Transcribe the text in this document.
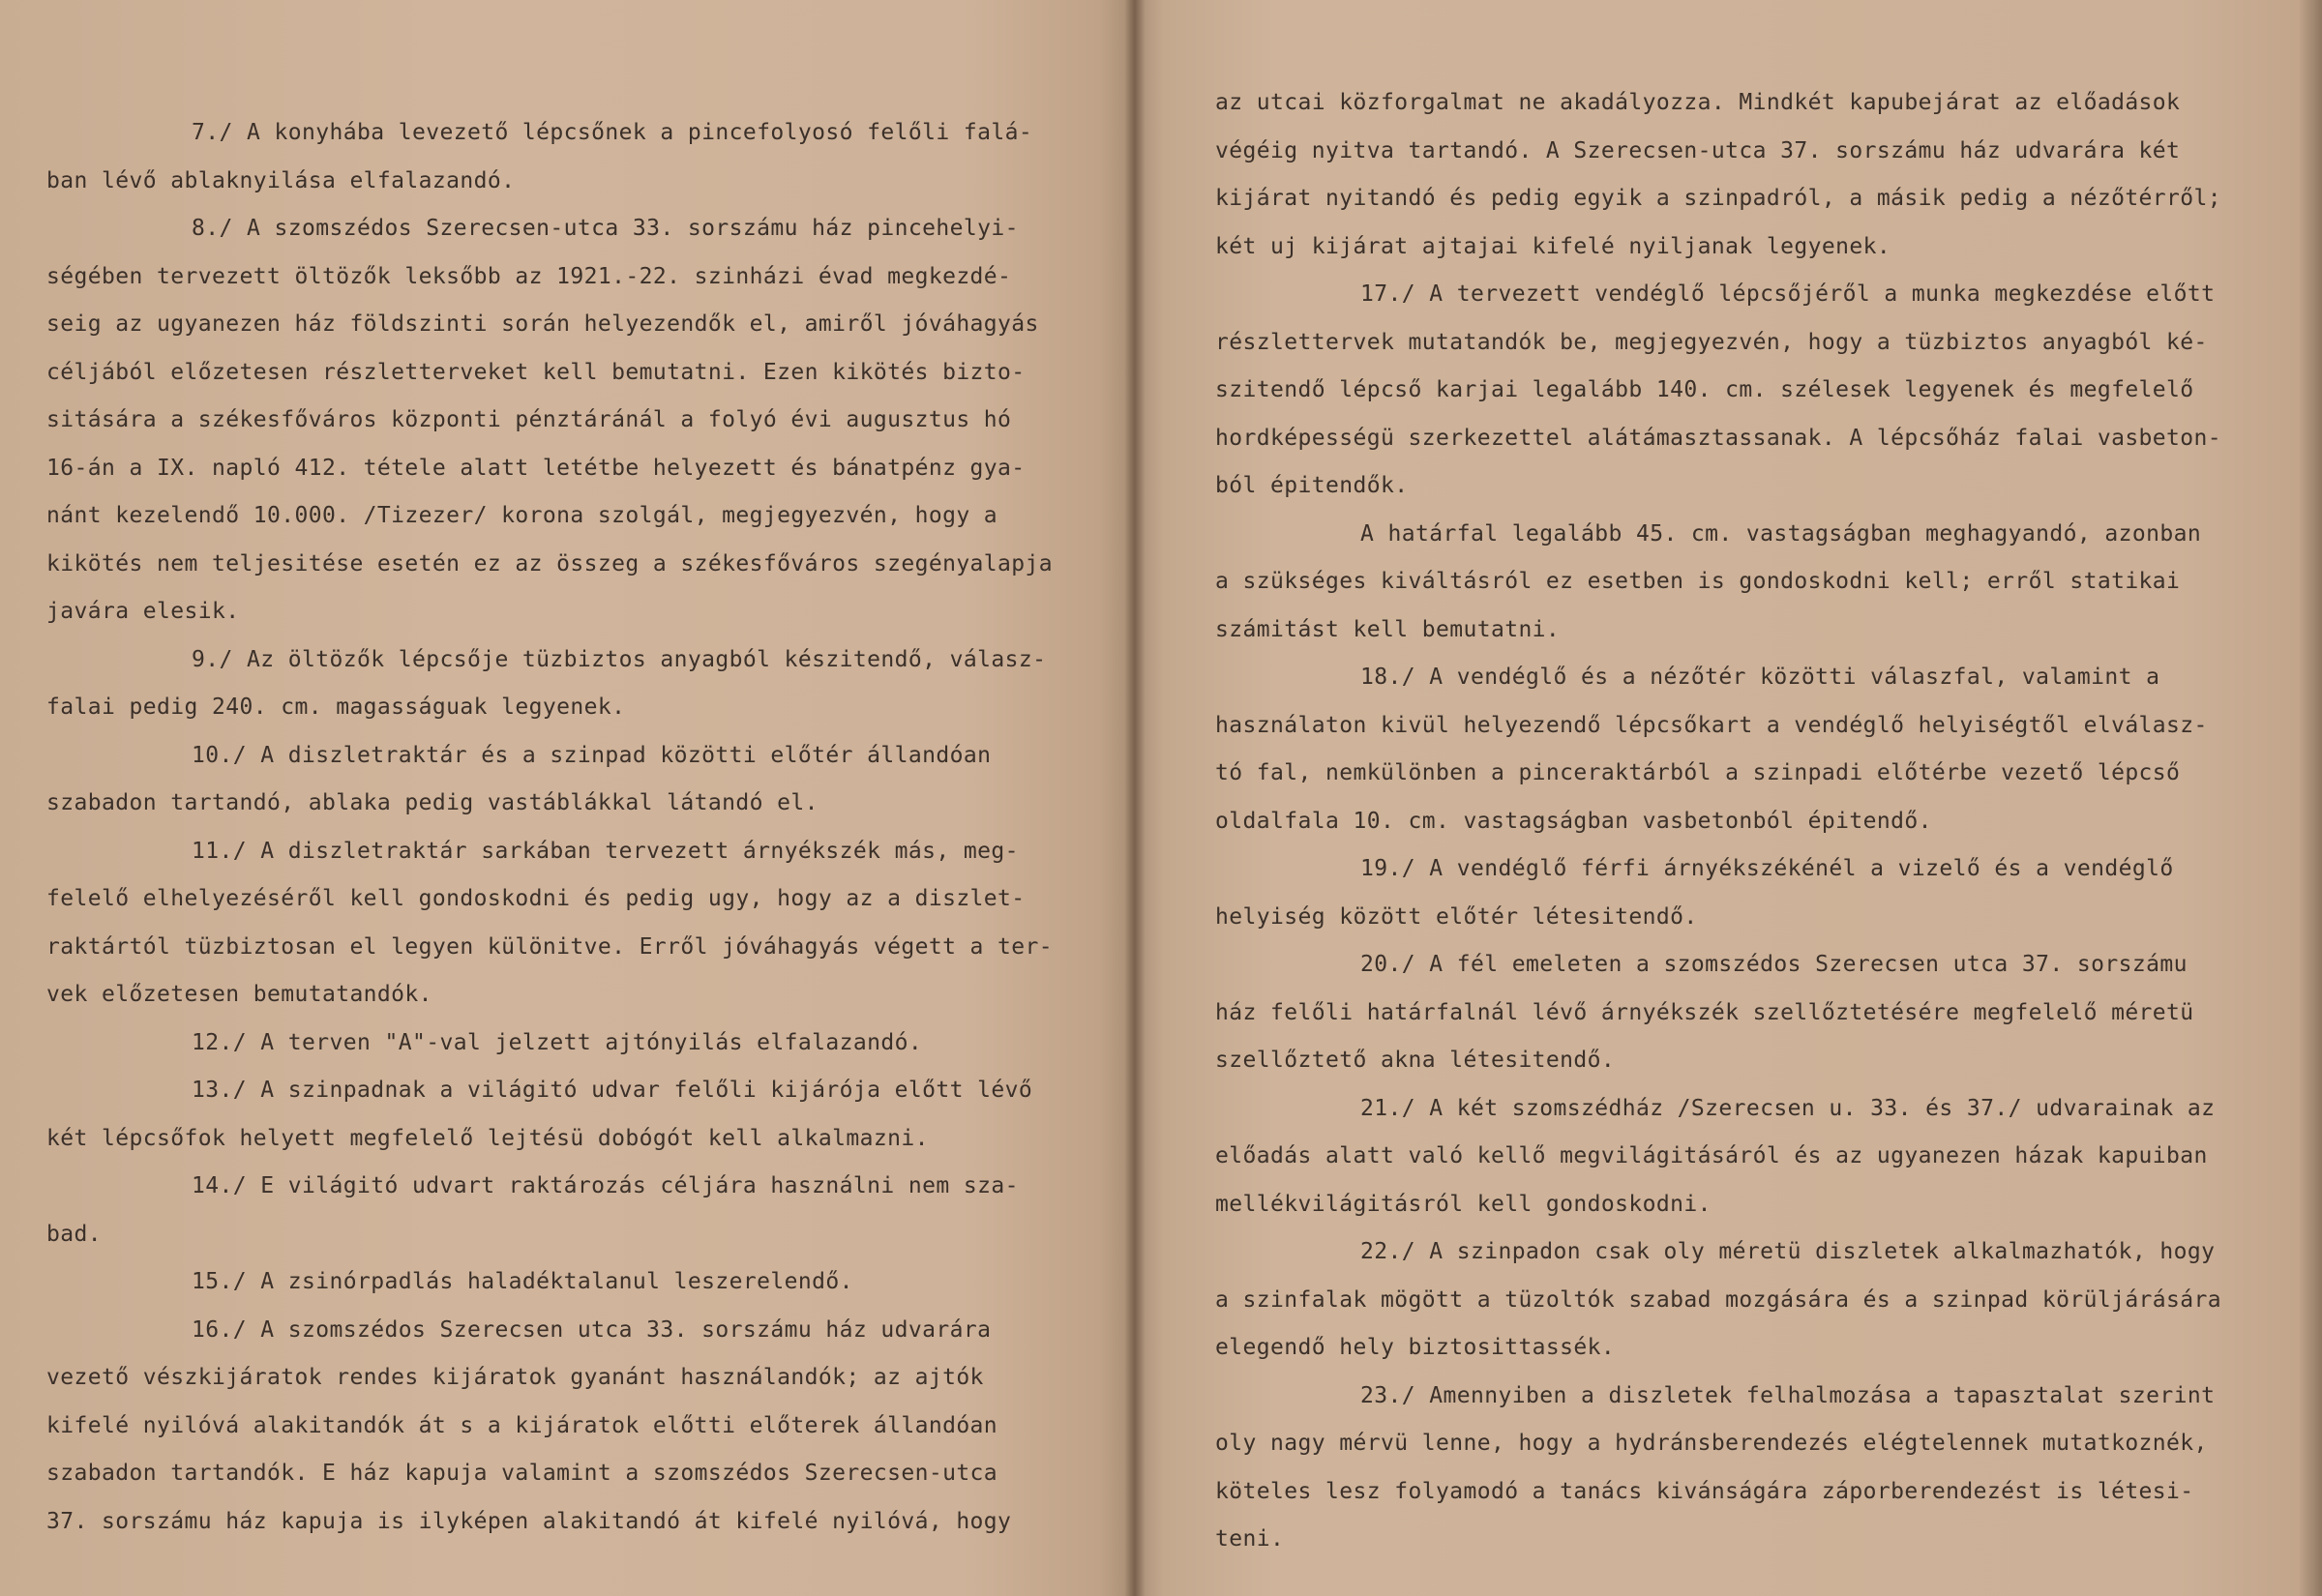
7./ A konyhába levezető lépcsőnek a pincefolyosó felőli falá-
ban lévő ablaknyilása elfalazandó.
8./ A szomszédos Szerecsen-utca 33. sorszámu ház pincehelyi-
ségében tervezett öltözők leksőbb az 1921.-22. szinházi évad megkezdé-
seig az ugyanezen ház földszinti során helyezendők el, amiről jóváhagyás
céljából előzetesen részletterveket kell bemutatni. Ezen kikötés bizto-
sitására a székesfőváros központi pénztáránál a folyó évi augusztus hó
16-án a IX. napló 412. tétele alatt letétbe helyezett és bánatpénz gya-
nánt kezelendő 10.000. /Tizezer/ korona szolgál, megjegyezvén, hogy a
kikötés nem teljesitése esetén ez az összeg a székesfőváros szegényalapja
javára elesik.
9./ Az öltözők lépcsője tüzbiztos anyagból készitendő, válasz-
falai pedig 240. cm. magasságuak legyenek.
10./ A diszletraktár és a szinpad közötti előtér állandóan
szabadon tartandó, ablaka pedig vastáblákkal látandó el.
11./ A diszletraktár sarkában tervezett árnyékszék más, meg-
felelő elhelyezéséről kell gondoskodni és pedig ugy, hogy az a diszlet-
raktártól tüzbiztosan el legyen különitve. Erről jóváhagyás végett a ter-
vek előzetesen bemutatandók.
12./ A terven "A"-val jelzett ajtónyilás elfalazandó.
13./ A szinpadnak a világitó udvar felőli kijárója előtt lévő
két lépcsőfok helyett megfelelő lejtésü dobógót kell alkalmazni.
14./ E világitó udvart raktározás céljára használni nem sza-
bad.
15./ A zsinórpadlás haladéktalanul leszerelendő.
16./ A szomszédos Szerecsen utca 33. sorszámu ház udvarára
vezető vészkijáratok rendes kijáratok gyanánt használandók; az ajtók
kifelé nyilóvá alakitandók át s a kijáratok előtti előterek állandóan
szabadon tartandók. E ház kapuja valamint a szomszédos Szerecsen-utca
37. sorszámu ház kapuja is ilyképen alakitandó át kifelé nyilóvá, hogy
az utcai közforgalmat ne akadályozza. Mindkét kapubejárat az előadások
végéig nyitva tartandó. A Szerecsen-utca 37. sorszámu ház udvarára két
kijárat nyitandó és pedig egyik a szinpadról, a másik pedig a nézőtérről;
két uj kijárat ajtajai kifelé nyiljanak legyenek.
17./ A tervezett vendéglő lépcsőjéről a munka megkezdése előtt
részlettervek mutatandók be, megjegyezvén, hogy a tüzbiztos anyagból ké-
szitendő lépcső karjai legalább 140. cm. szélesek legyenek és megfelelő
hordképességü szerkezettel alátámasztassanak. A lépcsőház falai vasbeton-
ból épitendők.
A határfal legalább 45. cm. vastagságban meghagyandó, azonban
a szükséges kiváltásról ez esetben is gondoskodni kell; erről statikai
számitást kell bemutatni.
18./ A vendéglő és a nézőtér közötti válaszfal, valamint a
használaton kivül helyezendő lépcsőkart a vendéglő helyiségtől elválasz-
tó fal, nemkülönben a pinceraktárból a szinpadi előtérbe vezető lépcső
oldalfala 10. cm. vastagságban vasbetonból épitendő.
19./ A vendéglő férfi árnyékszékénél a vizelő és a vendéglő
helyiség között előtér létesitendő.
20./ A fél emeleten a szomszédos Szerecsen utca 37. sorszámu
ház felőli határfalnál lévő árnyékszék szellőztetésére megfelelő méretü
szellőztető akna létesitendő.
21./ A két szomszédház /Szerecsen u. 33. és 37./ udvarainak az
előadás alatt való kellő megvilágitásáról és az ugyanezen házak kapuiban
mellékvilágitásról kell gondoskodni.
22./ A szinpadon csak oly méretü diszletek alkalmazhatók, hogy
a szinfalak mögött a tüzoltók szabad mozgására és a szinpad körüljárására
elegendő hely biztosittassék.
23./ Amennyiben a diszletek felhalmozása a tapasztalat szerint
oly nagy mérvü lenne, hogy a hydránsberendezés elégtelennek mutatkoznék,
köteles lesz folyamodó a tanács kivánságára záporberendezést is létesi-
teni.
